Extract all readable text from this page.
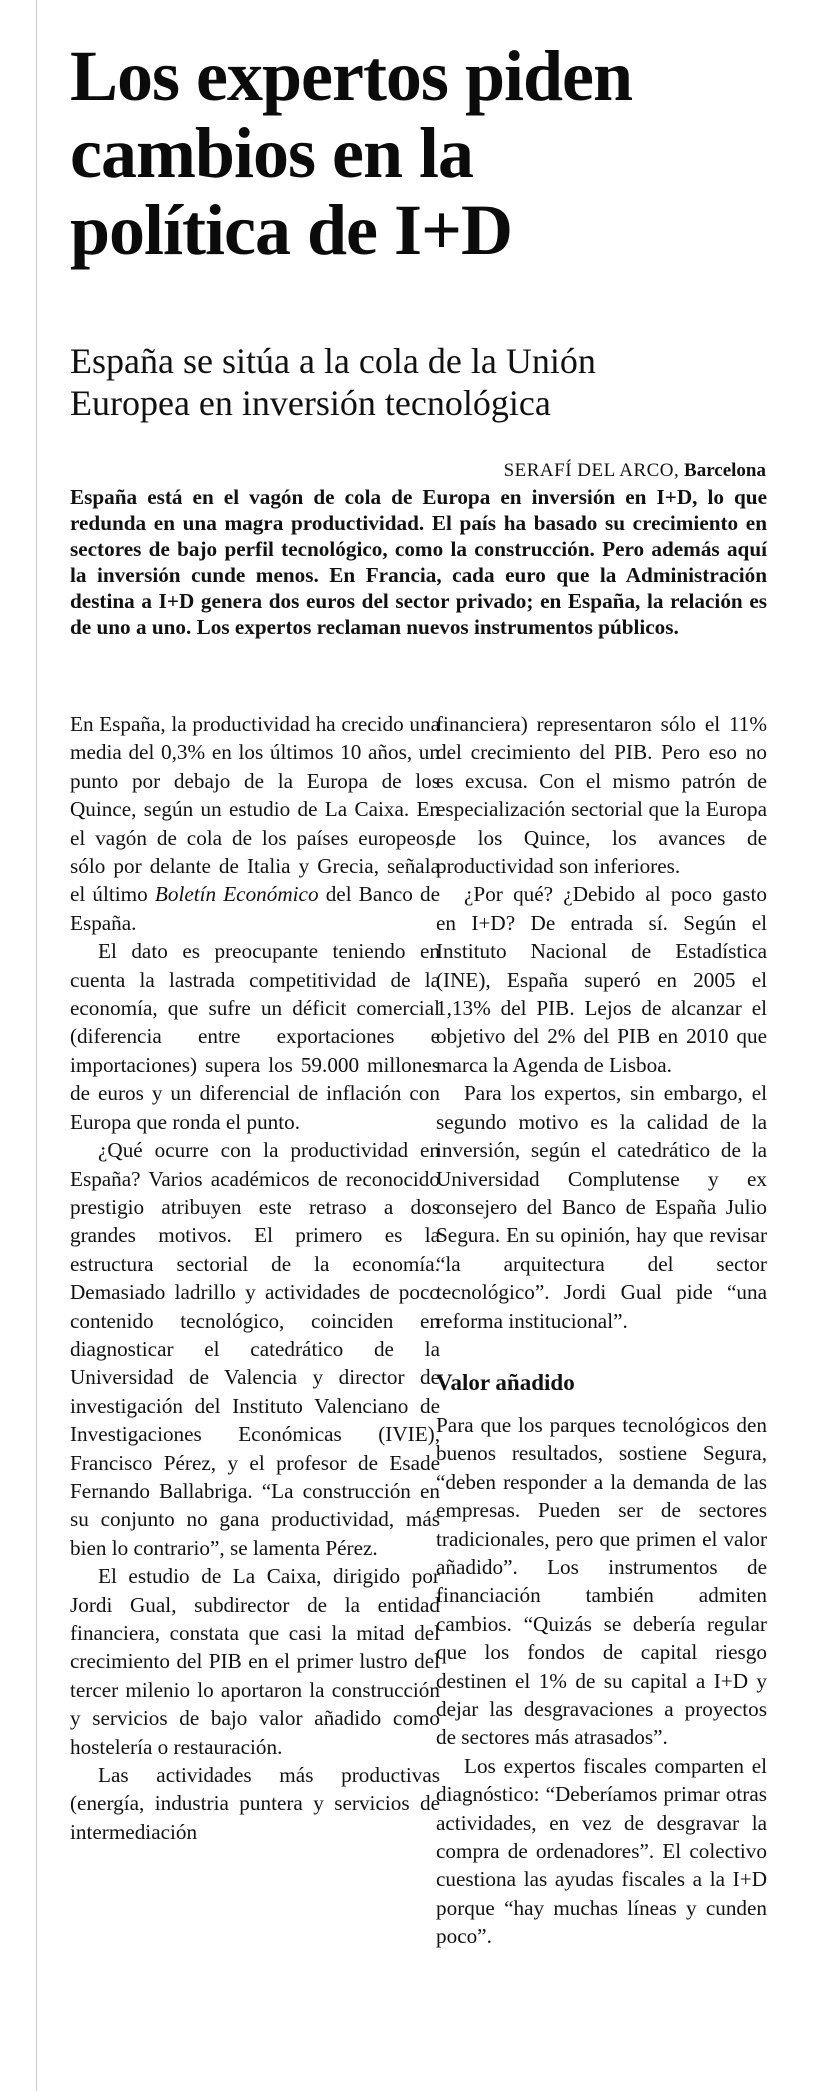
Los expertos piden
cambios en la
política de I+D
España se sitúa a la cola de la Unión
Europea en inversión tecnológica
SERAFÍ DEL ARCO, Barcelona

España está en el vagón de cola de Europa en inversión en I+D, lo que redunda en una magra productividad. El país ha basado su crecimiento en sectores de bajo perfil tecnológico, como la construcción. Pero además aquí la inversión cunde menos. En Francia, cada euro que la Administración destina a I+D genera dos euros del sector privado; en España, la relación es de uno a uno. Los expertos reclaman nuevos instrumentos públicos.

En España, la productividad ha crecido una media del 0,3% en los últimos 10 años, un punto por debajo de la Europa de los Quince, según un estudio de La Caixa. En el vagón de cola de los países europeos, sólo por delante de Italia y Grecia, señala el último Boletín Económico del Banco de España.

El dato es preocupante teniendo en cuenta la lastrada competitividad de la economía, que sufre un déficit comercial (diferencia entre exportaciones e importaciones) supera los 59.000 millones de euros y un diferencial de inflación con Europa que ronda el punto.

¿Qué ocurre con la productividad en España? Varios académicos de reconocido prestigio atribuyen este retraso a dos grandes motivos. El primero es la estructura sectorial de la economía. Demasiado ladrillo y actividades de poco contenido tecnológico, coinciden en diagnosticar el catedrático de la Universidad de Valencia y director de investigación del Instituto Valenciano de Investigaciones Económicas (IVIE), Francisco Pérez, y el profesor de Esade Fernando Ballabriga. “La construcción en su conjunto no gana productividad, más bien lo contrario”, se lamenta Pérez.

El estudio de La Caixa, dirigido por Jordi Gual, subdirector de la entidad financiera, constata que casi la mitad del crecimiento del PIB en el primer lustro del tercer milenio lo aportaron la construcción y servicios de bajo valor añadido como hostelería o restauración.

Las actividades más productivas (energía, industria puntera y servicios de intermediación

financiera) representaron sólo el 11% del crecimiento del PIB. Pero eso no es excusa. Con el mismo patrón de especialización sectorial que la Europa de los Quince, los avances de productividad son inferiores.

¿Por qué? ¿Debido al poco gasto en I+D? De entrada sí. Según el Instituto Nacional de Estadística (INE), España superó en 2005 el 1,13% del PIB. Lejos de alcanzar el objetivo del 2% del PIB en 2010 que marca la Agenda de Lisboa.

Para los expertos, sin embargo, el segundo motivo es la calidad de la inversión, según el catedrático de la Universidad Complutense y ex consejero del Banco de España Julio Segura. En su opinión, hay que revisar “la arquitectura del sector tecnológico”. Jordi Gual pide “una reforma institucional”.

Valor añadido

Para que los parques tecnológicos den buenos resultados, sostiene Segura, “deben responder a la demanda de las empresas. Pueden ser de sectores tradicionales, pero que primen el valor añadido”. Los instrumentos de financiación también admiten cambios. “Quizás se debería regular que los fondos de capital riesgo destinen el 1% de su capital a I+D y dejar las desgravaciones a proyectos de sectores más atrasados”.

Los expertos fiscales comparten el diagnóstico: “Deberíamos primar otras actividades, en vez de desgravar la compra de ordenadores”. El colectivo cuestiona las ayudas fiscales a la I+D porque “hay muchas líneas y cunden poco”.
